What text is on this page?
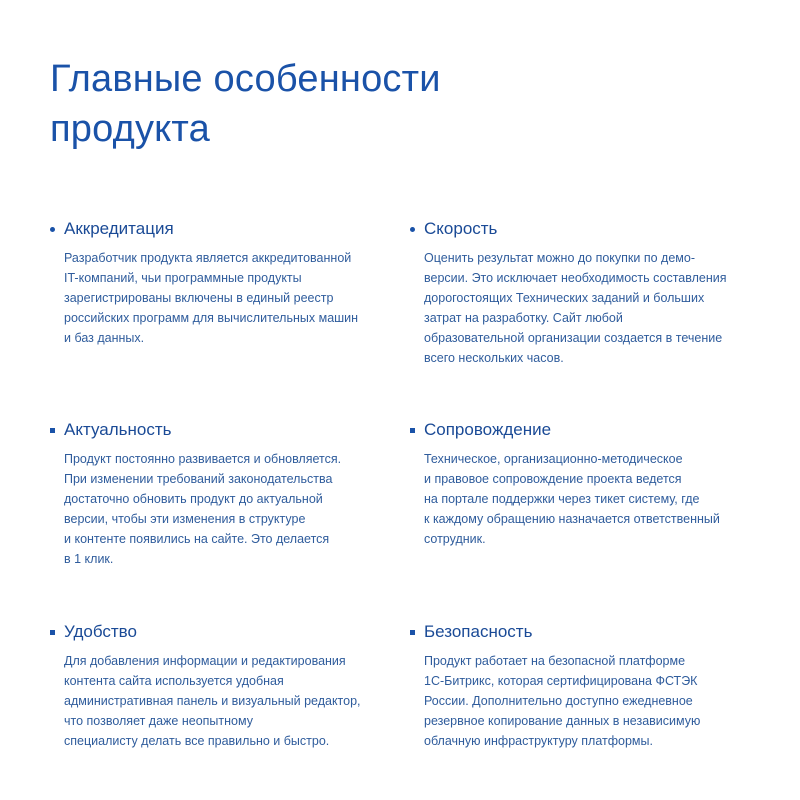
Главные особенности
продукта
Аккредитация
Разработчик продукта является аккредитованной
IT-компаний, чьи программные продукты
зарегистрированы включены в единый реестр
российских программ для вычислительных машин
и баз данных.
Скорость
Оценить результат можно до покупки по демо-
версии. Это исключает необходимость составления
дорогостоящих Технических заданий и больших
затрат на разработку. Сайт любой
образовательной организации создается в течение
всего нескольких часов.
Актуальность
Продукт постоянно развивается и обновляется.
При изменении требований законодательства
достаточно обновить продукт до актуальной
версии, чтобы эти изменения в структуре
и контенте появились на сайте. Это делается
в 1 клик.
Сопровождение
Техническое, организационно-методическое
и правовое сопровождение проекта ведется
на портале поддержки через тикет систему, где
к каждому обращению назначается ответственный
сотрудник.
Удобство
Для добавления информации и редактирования
контента сайта используется удобная
административная панель и визуальный редактор,
что позволяет даже неопытному
специалисту делать все правильно и быстро.
Безопасность
Продукт работает на безопасной платформе
1С-Битрикс, которая сертифицирована ФСТЭК
России. Дополнительно доступно ежедневное
резервное копирование данных в независимую
облачную инфраструктуру платформы.
